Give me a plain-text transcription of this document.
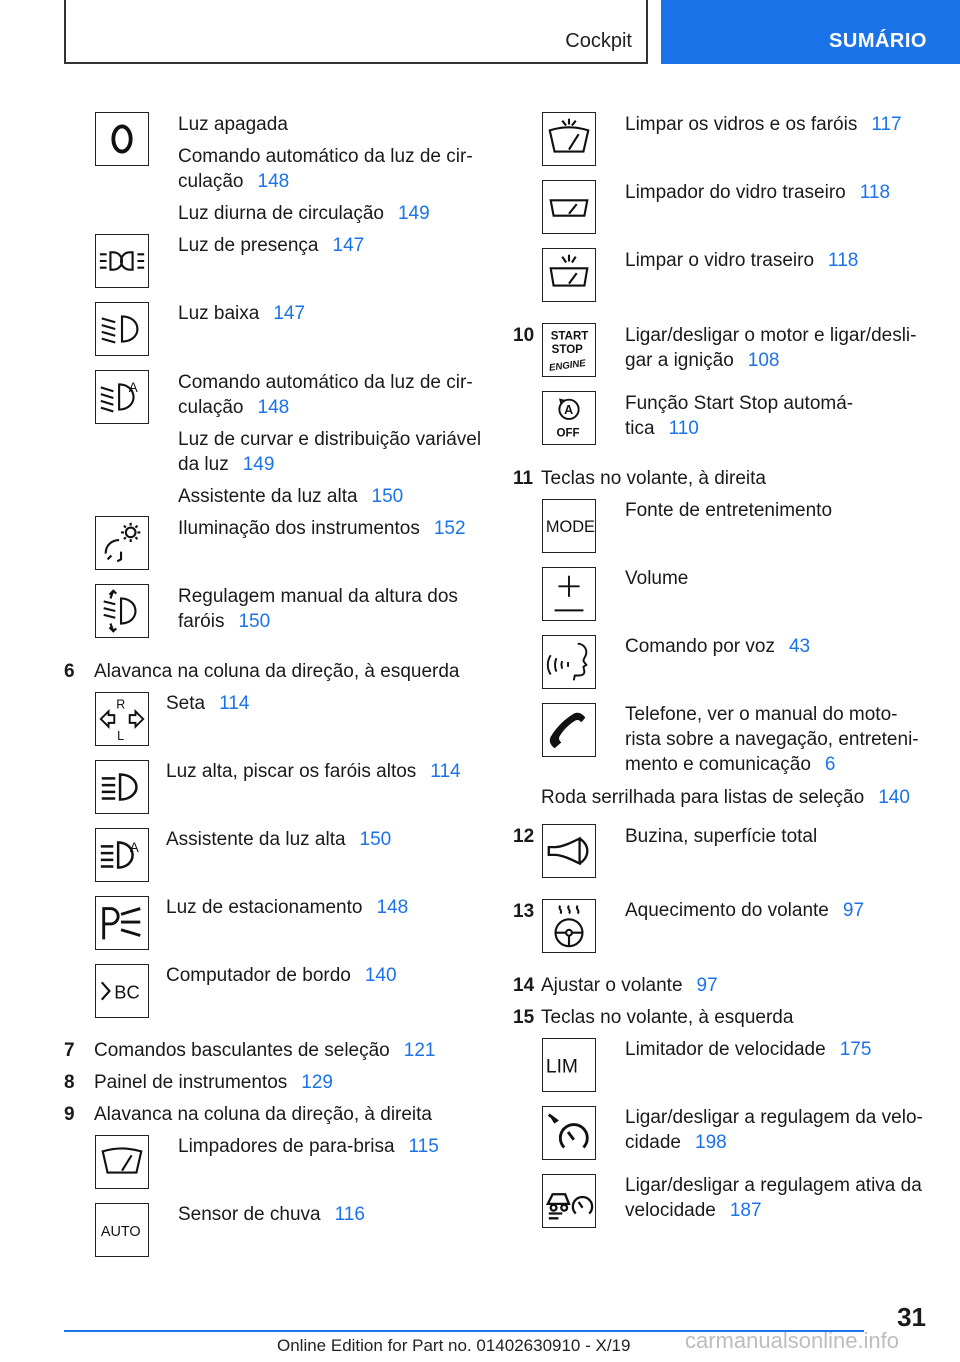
Cockpit	SUMÁRIO
Luz apagada
Comando automático da luz de cir-
culação 148
Luz diurna de circulação 149
Luz de presença 147
Luz baixa 147
A Comando automático da luz de cir-
culação 148
Luz de curvar e distribuição variável
da luz 149
Assistente da luz alta 150
Iluminação dos instrumentos 152
Regulagem manual da altura dos
faróis 150
6 Alavanca na coluna da direção, à esquerda
R
L
Seta 114
Luz alta, piscar os faróis altos 114
A Assistente da luz alta 150
Luz de estacionamento 148
BC
Computador de bordo 140
7 Comandos basculantes de seleção 121
8 Painel de instrumentos 129
9 Alavanca na coluna da direção, à direita
Limpadores de para-brisa 115
AUTO
Sensor de chuva 116
Limpar os vidros e os faróis 117
Limpador do vidro traseiro 118
Limpar o vidro traseiro 118
10 START
STOP
ENGINE
Ligar/desligar o motor e ligar/desli-
gar a ignição 108
A
OFF
Função Start Stop automá-
tica 110
11 Teclas no volante, à direita
MODE
Fonte de entretenimento
Volume
Comando por voz 43
Telefone, ver o manual do moto-
rista sobre a navegação, entreteni-
mento e comunicação 6
Roda serrilhada para listas de seleção 140
12	Buzina, superfície total
13	Aquecimento do volante 97
14 Ajustar o volante 97
15 Teclas no volante, à esquerda
LIM
Limitador de velocidade 175
Ligar/desligar a regulagem da velo-
cidade 198
Ligar/desligar a regulagem ativa da
velocidade 187
31
Online Edition for Part no. 01402630910 - X/19 carmanualsonline.info
